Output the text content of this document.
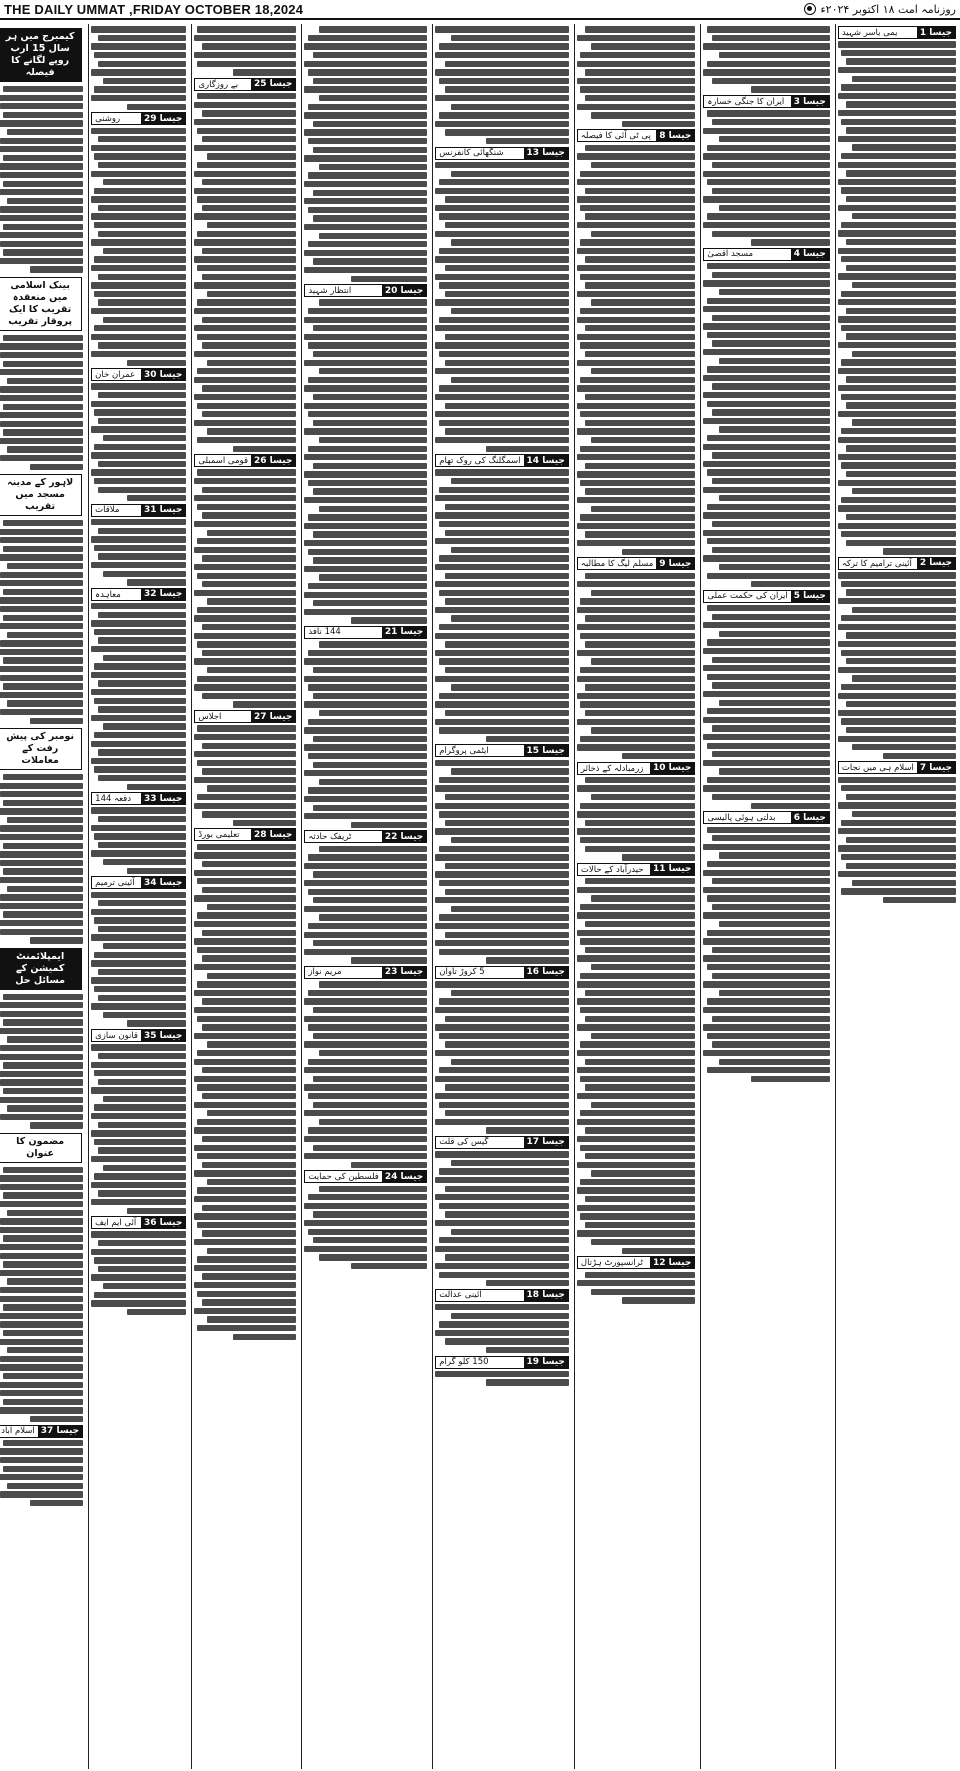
THE DAILY UMMAT ,FRIDAY OCTOBER 18,2024	روزنامہ امت ۱۸ اکتوبر ۲۰۲۴ء
جیسا 1
یمی یاسر شہید
جیسا 2
آئینی ترامیم کا ترکہ
جیسا 7
اسلام ہی میں نجات
جیسا 3
ایران کا جنگی خسارہ
جیسا 4
مسجد اقصیٰ
جیسا 5
ایران کی حکمت عملی
جیسا 6
بدلتی ہوئی پالیسی
جیسا 8
پی ٹی آئی کا فیصلہ
جیسا 9
مسلم لیگ کا مطالبہ
جیسا 10
زرمبادلہ کے ذخائر
جیسا 11
حیدرآباد کے حالات
جیسا 12
ٹرانسپورٹ ہڑتال
جیسا 13
شنگھائی کانفرنس
جیسا 14
اسمگلنگ کی روک تھام
جیسا 15
ایٹمی پروگرام
جیسا 16
5 کروڑ تاوان
جیسا 17
گیس کی قلت
جیسا 18
آئینی عدالت
جیسا 19
150 کلو گرام
جیسا 20
انتظار شہید
جیسا 21
144 نافذ
جیسا 22
ٹریفک حادثہ
جیسا 23
مریم نواز
جیسا 24
فلسطین کی حمایت
جیسا 25
بے روزگاری
جیسا 26
قومی اسمبلی
جیسا 27
اجلاس
جیسا 28
تعلیمی بورڈ
جیسا 29
روشنی
جیسا 30
عمران خان
جیسا 31
ملاقات
جیسا 32
معاہدہ
جیسا 33
دفعہ 144
جیسا 34
آئینی ترمیم
جیسا 35
قانون سازی
جیسا 36
آئی ایم ایف
کیمبرج میں ہر سال 15 ارب روپے لگانے کا فیصلہ
بینک اسلامی میں منعقدہ تقریب کا ایک پروقار تقریب
لاہور کے مدینہ مسجد میں تقریب
نومبر کی پیش رفت کے معاملات
ایمپلائمنٹ کمیشن کے مسائل حل
مضمون کا عنوان
جیسا 37
اسلام آباد
